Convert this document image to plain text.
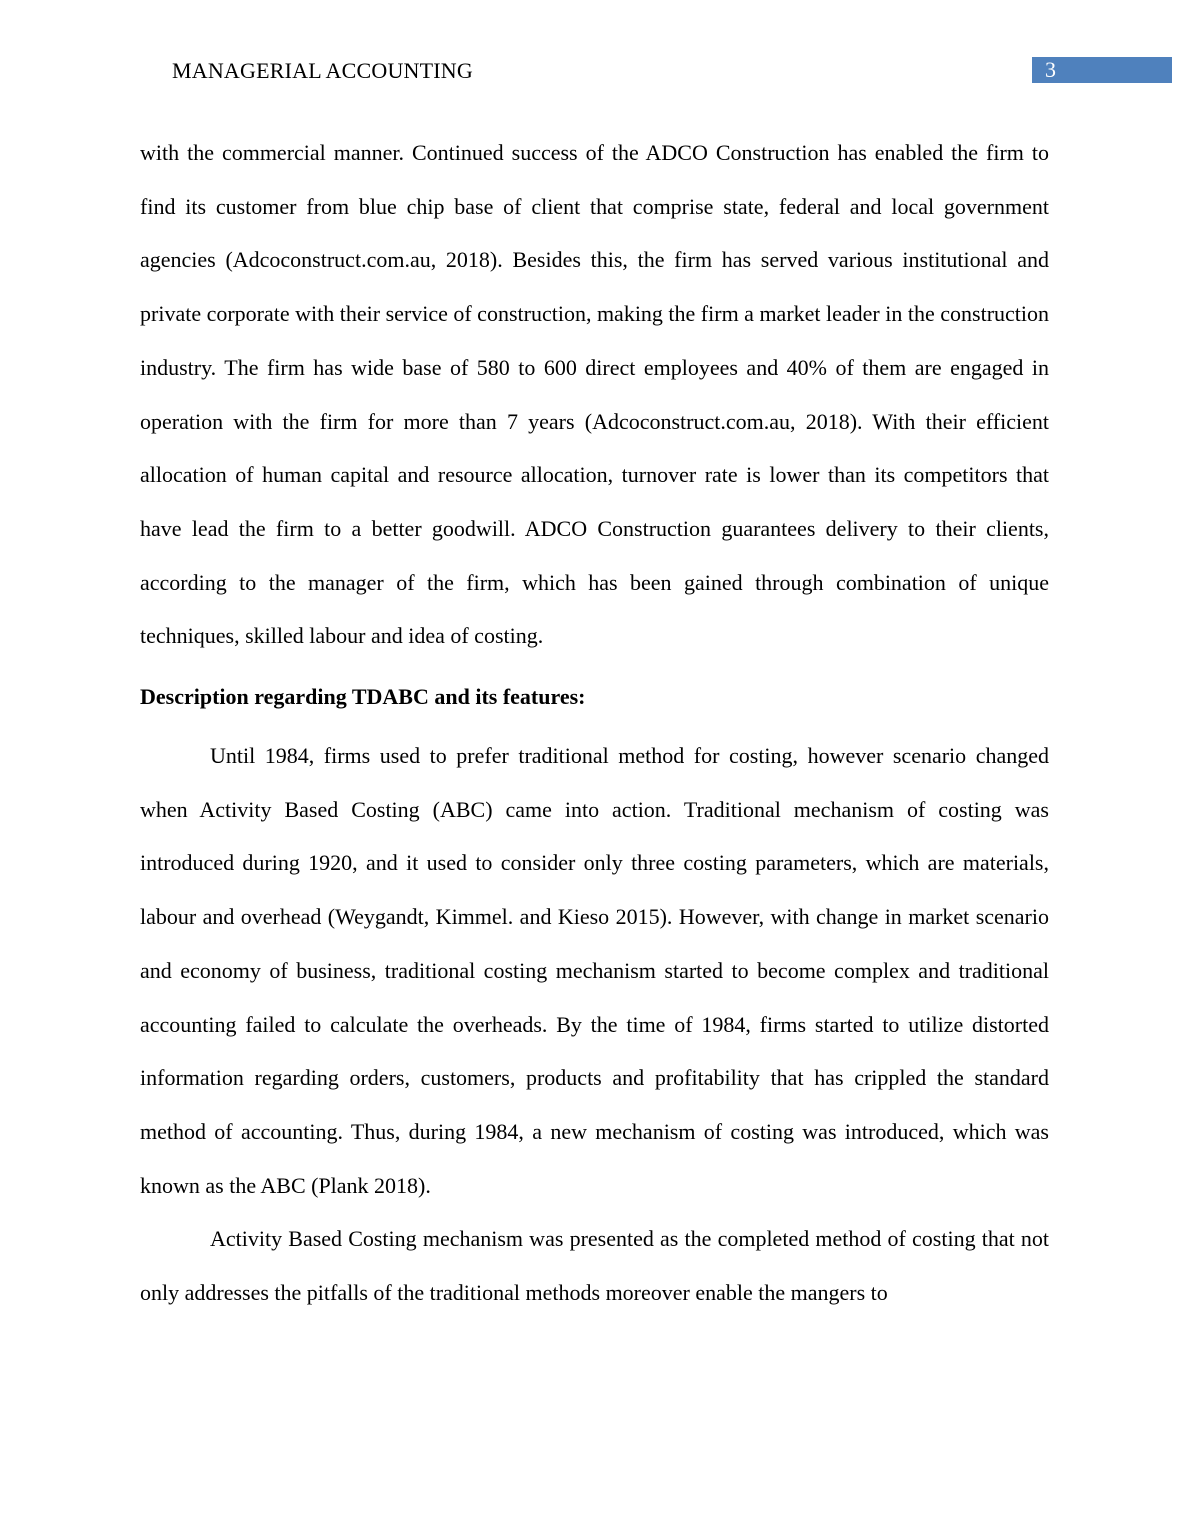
MANAGERIAL ACCOUNTING	3

with the commercial manner. Continued success of the ADCO Construction has enabled the firm to find its customer from blue chip base of client that comprise state, federal and local government agencies (Adcoconstruct.com.au, 2018). Besides this, the firm has served various institutional and private corporate with their service of construction, making the firm a market leader in the construction industry. The firm has wide base of 580 to 600 direct employees and 40% of them are engaged in operation with the firm for more than 7 years (Adcoconstruct.com.au, 2018). With their efficient allocation of human capital and resource allocation, turnover rate is lower than its competitors that have lead the firm to a better goodwill. ADCO Construction guarantees delivery to their clients, according to the manager of the firm, which has been gained through combination of unique techniques, skilled labour and idea of costing.

Description regarding TDABC and its features:

Until 1984, firms used to prefer traditional method for costing, however scenario changed when Activity Based Costing (ABC) came into action. Traditional mechanism of costing was introduced during 1920, and it used to consider only three costing parameters, which are materials, labour and overhead (Weygandt, Kimmel. and Kieso 2015). However, with change in market scenario and economy of business, traditional costing mechanism started to become complex and traditional accounting failed to calculate the overheads. By the time of 1984, firms started to utilize distorted information regarding orders, customers, products and profitability that has crippled the standard method of accounting. Thus, during 1984, a new mechanism of costing was introduced, which was known as the ABC (Plank 2018).

Activity Based Costing mechanism was presented as the completed method of costing that not only addresses the pitfalls of the traditional methods moreover enable the mangers to
